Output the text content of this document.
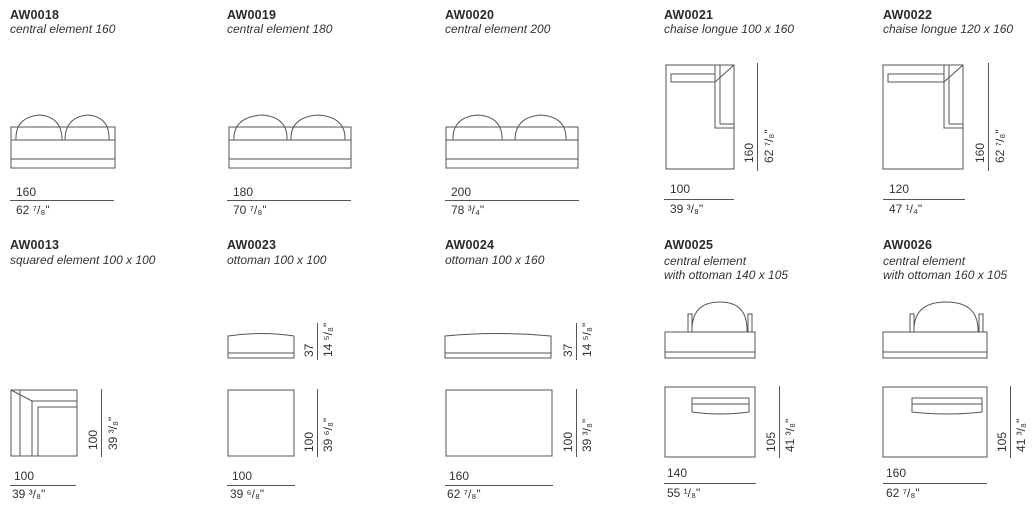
AW0018
central element 160
160
62 ⁷/₈"
AW0019
central element 180
180
70 ⁷/₈"
AW0020
central element 200
200
78 ³/₄"
AW0021
chaise longue 100 x 160
160 62 ⁷/₈"
100
39 ³/₈"
AW0022
chaise longue 120 x 160
160 62 ⁷/₈"
120
47 ¹/₄"
AW0013
squared element 100 x 100
100 39 ³/₈"
100
39 ³/₈"
AW0023
ottoman 100 x 100
37 14 ⁵/₈"
100 39 ⁶/₈"
100
39 ⁶/₈"
AW0024
ottoman 100 x 160
37 14 ⁵/₈"
100 39 ³/₈"
160
62 ⁷/₈"
AW0025
central element
with ottoman 140 x 105
105 41 ³/₈"
140
55 ¹/₈"
AW0026
central element
with ottoman 160 x 105
105 41 ³/₈"
160
62 ⁷/₈"
